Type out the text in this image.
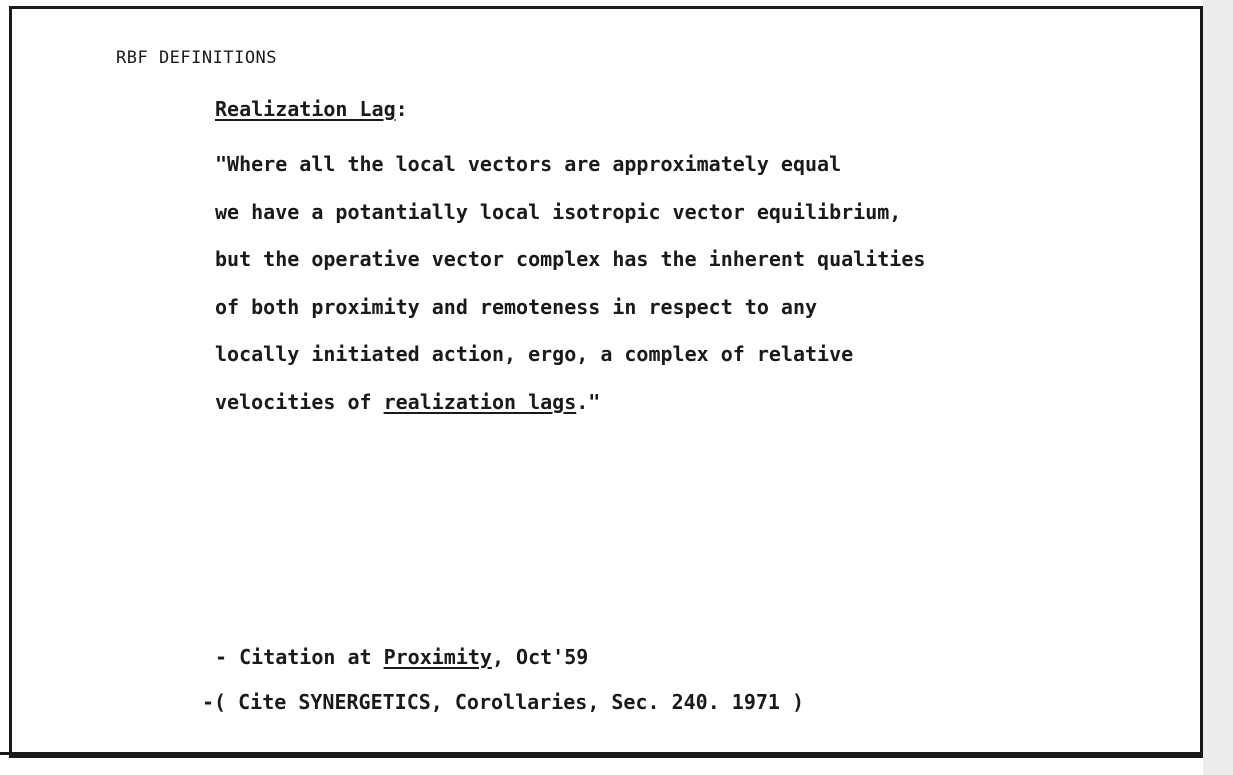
RBF DEFINITIONS
Realization Lag:
"Where all the local vectors are approximately equal
we have a potantially local isotropic vector equilibrium,
but the operative vector complex has the inherent qualities
of both proximity and remoteness in respect to any
locally initiated action, ergo, a complex of relative
velocities of realization lags."
- Citation at Proximity, Oct'59
-( Cite SYNERGETICS, Corollaries, Sec. 240. 1971 )
